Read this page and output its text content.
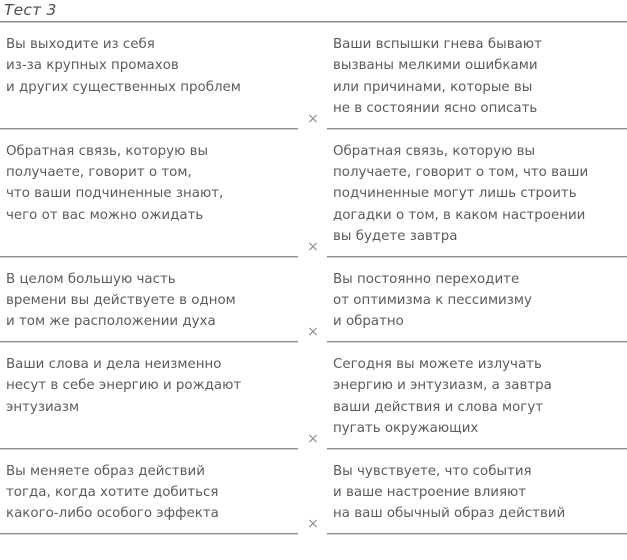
Тест 3

Вы выходите из себя

из-за крупных промахов

и других существенных проблем

Ваши вспышки гнева бывают

вызваны мелкими ошибками

или причинами, которые вы

не в состоянии ясно описать

×

Обратная связь, которую вы

получаете, говорит о том,

что ваши подчиненные знают,

чего от вас можно ожидать

Обратная связь, которую вы

получаете, говорит о том, что ваши

подчиненные могут лишь строить

догадки о том, в каком настроении

вы будете завтра

×

В целом большую часть

времени вы действуете в одном

и том же расположении духа

Вы постоянно переходите

от оптимизма к пессимизму

и обратно

×

Ваши слова и дела неизменно

несут в себе энергию и рождают

энтузиазм

Сегодня вы можете излучать

энергию и энтузиазм, а завтра

ваши действия и слова могут

пугать окружающих

×

Вы меняете образ действий

тогда, когда хотите добиться

какого-либо особого эффекта

Вы чувствуете, что события

и ваше настроение влияют

на ваш обычный образ действий

×
